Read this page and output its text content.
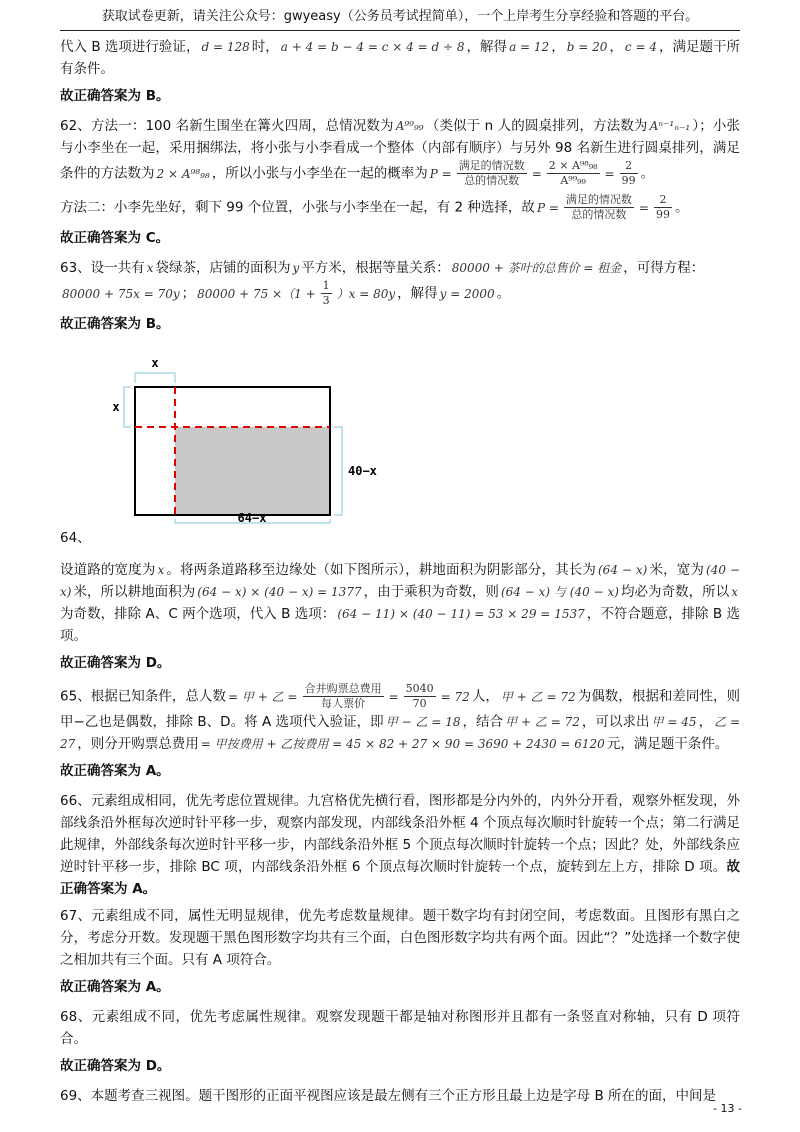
获取试卷更新，请关注公众号：gwyeasy（公务员考试捏简单），一个上岸考生分享经验和答题的平台。

代入 B 选项进行验证， d = 128 时， a + 4 = b − 4 = c × 4 = d ÷ 8 ，解得 a = 12 ， b = 20 ， c = 4 ，满足题干所有条件。

故正确答案为 B。

62、方法一：100 名新生围坐在篝火四周，总情况数为 A⁹⁹₉₉ （类似于 n 人的圆桌排列，方法数为 Aⁿ⁻¹ₙ₋₁ ）；小张与小李坐在一起，采用捆绑法，将小张与小李看成一个整体（内部有顺序）与另外 98 名新生进行圆桌排列，满足条件的方法数为 2 × A⁹⁸₉₈ ，所以小张与小李坐在一起的概率为 $P = \frac{\text{满足的情况数}}{\text{总的情况数}} = \frac{\text{2 × A⁹⁸₉₈}}{\text{A⁹⁹₉₉}} = \frac{2}{99}$ 。

方法二：小李先坐好，剩下 99 个位置，小张与小李坐在一起，有 2 种选择，故 $P = \frac{\text{满足的情况数}}{\text{总的情况数}} = \frac{2}{99}$ 。

故正确答案为 C。

63、设一共有 x 袋绿茶，店铺的面积为 y 平方米，根据等量关系： 80000 + 茶叶的总售价 = 租金 ，可得方程：
80000 + 75x = 70y ； $80000 + 75 \times(1 + \frac{1}{3} )x = 80y$ ，解得 y = 2000 。

故正确答案为 B。

x
x
40−x
64−x

64、

设道路的宽度为 x 。将两条道路移至边缘处（如下图所示），耕地面积为阴影部分，其长为 (64 − x) 米，宽为 (40 − x) 米，所以耕地面积为 (64 − x) × (40 − x) = 1377 ，由于乘积为奇数，则 (64 − x) 与 (40 − x) 均必为奇数，所以 x为奇数，排除 A、C 两个选项，代入 B 选项： (64 − 11) × (40 − 11) = 53 × 29 = 1537 ，不符合题意，排除 B 选项。

故正确答案为 D。

65、根据已知条件，总人数 = 甲 + 乙 = $\frac{\text{合并购票总费用}}{\text{每人票价}} = \frac{5040}{70} = 72$ 人， 甲 + 乙 = 72 为偶数，根据和差同性，则甲−乙也是偶数，排除 B、D。将 A 选项代入验证，即 甲 − 乙 = 18 ，结合 甲 + 乙 = 72 ，可以求出 甲 = 45 ， 乙 = 27 ，则分开购票总费用 = 甲按费用 + 乙按费用 = 45 × 82 + 27 × 90 = 3690 + 2430 = 6120 元，满足题干条件。

故正确答案为 A。

66、元素组成相同，优先考虑位置规律。九宫格优先横行看，图形都是分内外的，内外分开看，观察外框发现，外部线条沿外框每次逆时针平移一步，观察内部发现，内部线条沿外框 4 个顶点每次顺时针旋转一个点；第二行满足此规律，外部线条每次逆时针平移一步，内部线条沿外框 5 个顶点每次顺时针旋转一个点；因此？处，外部线条应逆时针平移一步，排除 BC 项，内部线条沿外框 6 个顶点每次顺时针旋转一个点，旋转到左上方，排除 D 项。故正确答案为 A。

67、元素组成不同，属性无明显规律，优先考虑数量规律。题干数字均有封闭空间，考虑数面。且图形有黑白之分，考虑分开数。发现题干黑色图形数字均共有三个面，白色图形数字均共有两个面。因此“？”处选择一个数字使之相加共有三个面。只有 A 项符合。

故正确答案为 A。

68、元素组成不同，优先考虑属性规律。观察发现题干都是轴对称图形并且都有一条竖直对称轴，只有 D 项符合。

故正确答案为 D。

69、本题考查三视图。题干图形的正面平视图应该是最左侧有三个正方形且最上边是字母 B 所在的面，中间是

- 13 -
